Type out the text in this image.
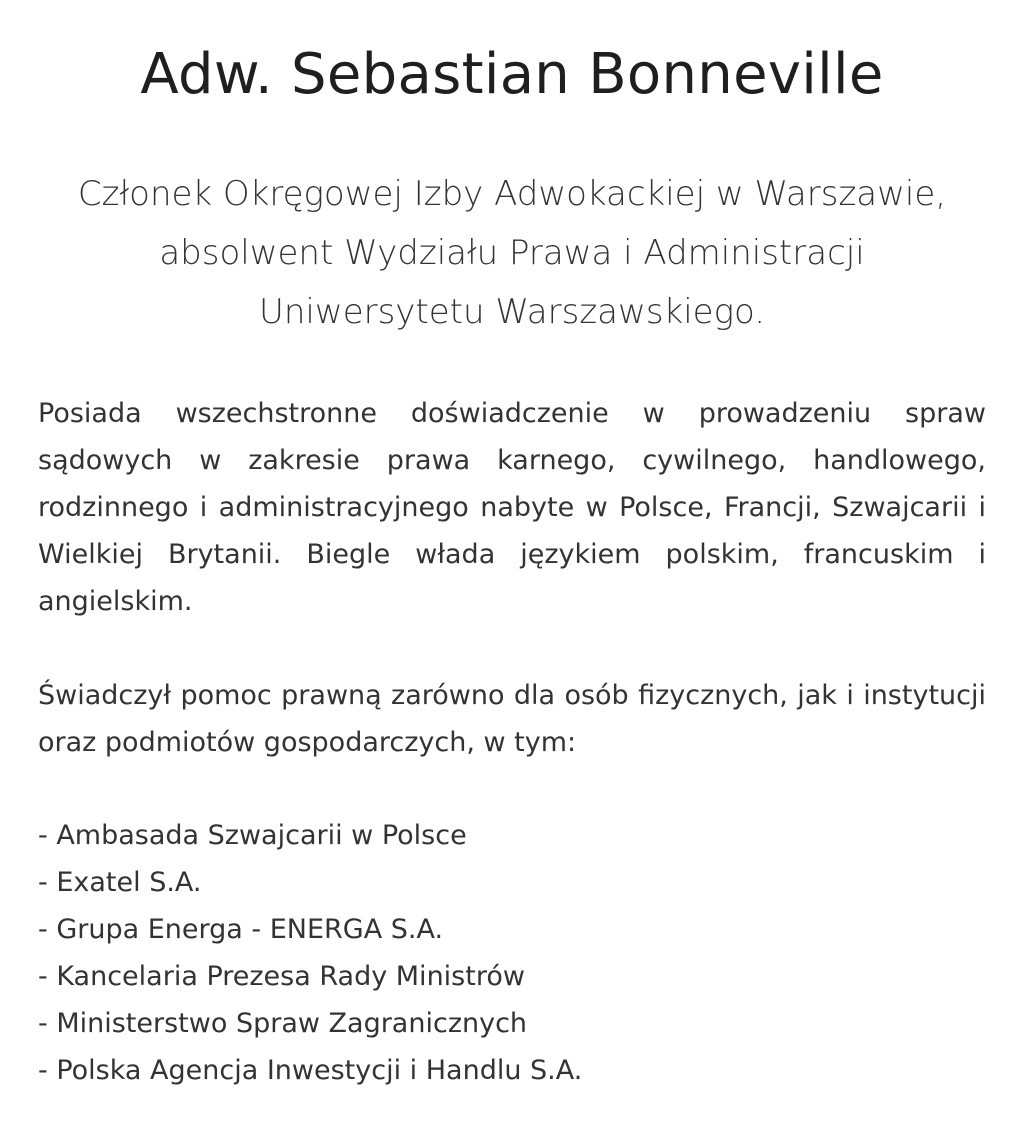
Adw. Sebastian Bonneville

Członek Okręgowej Izby Adwokackiej w Warszawie, absolwent Wydziału Prawa i Administracji Uniwersytetu Warszawskiego.

Posiada wszechstronne doświadczenie w prowadzeniu spraw sądowych w zakresie prawa karnego, cywilnego, handlowego, rodzinnego i administracyjnego nabyte w Polsce, Francji, Szwajcarii i Wielkiej Brytanii. Biegle włada językiem polskim, francuskim i angielskim.

Świadczył pomoc prawną zarówno dla osób fizycznych, jak i instytucji oraz podmiotów gospodarczych, w tym:

- Ambasada Szwajcarii w Polsce
- Exatel S.A.
- Grupa Energa - ENERGA S.A.
- Kancelaria Prezesa Rady Ministrów
- Ministerstwo Spraw Zagranicznych
- Polska Agencja Inwestycji i Handlu S.A.
